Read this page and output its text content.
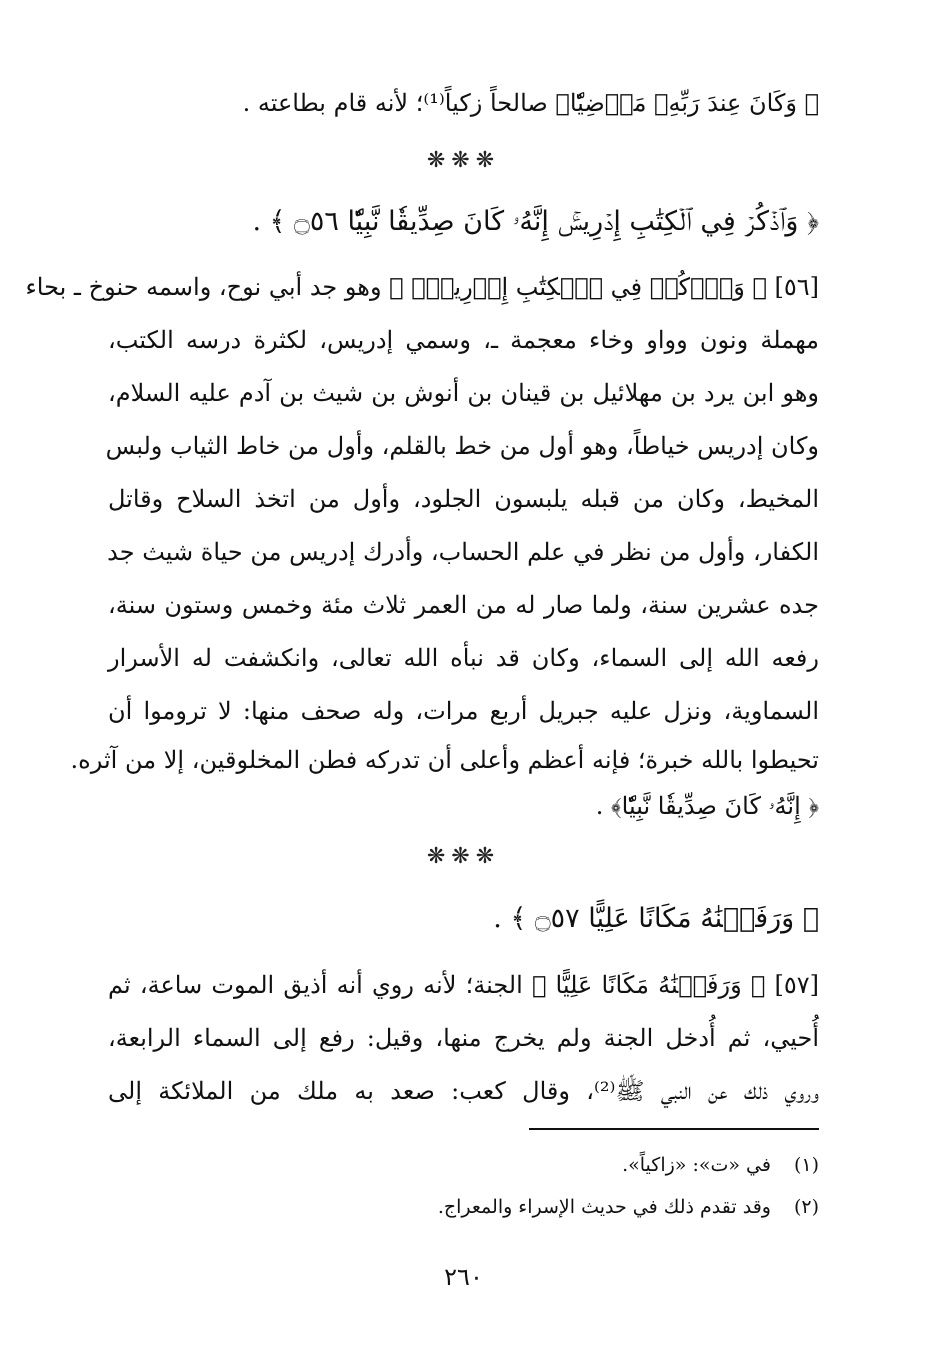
﴿ وَكَانَ عِندَ رَبِّهِۦ مَرۡضِيّٗا﴾ صالحاً زكياً⁽¹⁾؛ لأنه قام بطاعته .
❋❋❋
﴿ وَٱذۡكُرۡ فِي ٱلۡكِتَٰبِ إِدۡرِيسَۚ إِنَّهُۥ كَانَ صِدِّيقٗا نَّبِيّٗا ۝٥٦ ﴾ .
[٥٦] ﴿ وَٱذۡكُرۡ فِي ٱلۡكِتَٰبِ إِدۡرِيسَۚ ﴾ وهو جد أبي نوح، واسمه حنوخ ـ بحاء
مهملة ونون وواو وخاء معجمة ـ، وسمي إدريس، لكثرة درسه الكتب،
وهو ابن يرد بن مهلائيل بن قينان بن أنوش بن شيث بن آدم عليه السلام،
وكان إدريس خياطاً، وهو أول من خط بالقلم، وأول من خاط الثياب ولبس
المخيط، وكان من قبله يلبسون الجلود، وأول من اتخذ السلاح وقاتل
الكفار، وأول من نظر في علم الحساب، وأدرك إدريس من حياة شيث جد
جده عشرين سنة، ولما صار له من العمر ثلاث مئة وخمس وستون سنة،
رفعه الله إلى السماء، وكان قد نبأه الله تعالى، وانكشفت له الأسرار
السماوية، ونزل عليه جبريل أربع مرات، وله صحف منها: لا تروموا أن
تحيطوا بالله خبرة؛ فإنه أعظم وأعلى أن تدركه فطن المخلوقين، إلا من آثره.
﴿ إِنَّهُۥ كَانَ صِدِّيقٗا نَّبِيّٗا﴾ .
❋❋❋
﴿ وَرَفَعۡنَٰهُ مَكَانًا عَلِيًّا ۝٥٧ ﴾ .
[٥٧] ﴿ وَرَفَعۡنَٰهُ مَكَانًا عَلِيًّا ﴾ الجنة؛ لأنه روي أنه أذيق الموت ساعة، ثم
أُحيي، ثم أُدخل الجنة ولم يخرج منها، وقيل: رفع إلى السماء الرابعة،
وروي ذلك عن النبي ﷺ⁽²⁾، وقال كعب: صعد به ملك من الملائكة إلى
(١) في «ت»: «زاكياً».
(٢) وقد تقدم ذلك في حديث الإسراء والمعراج.
٢٦٠
